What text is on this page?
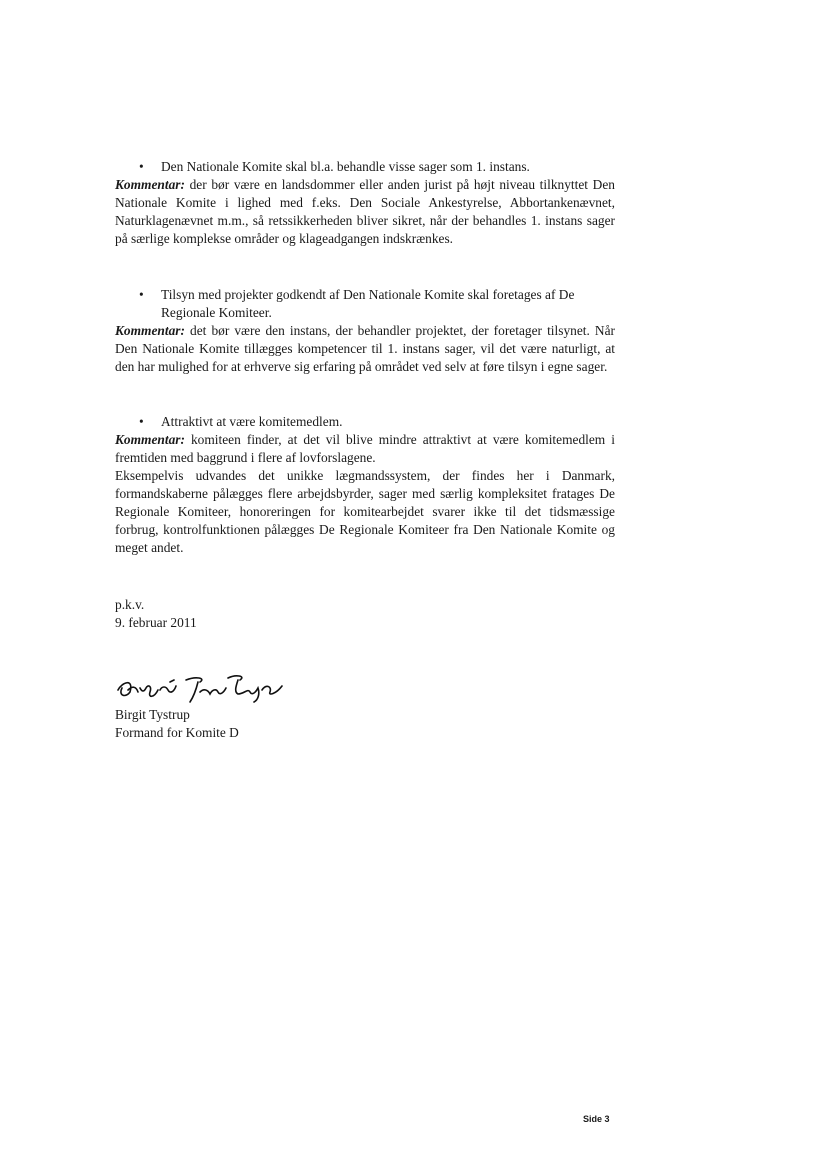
• Den Nationale Komite skal bl.a. behandle visse sager som 1. instans.
Kommentar: der bør være en landsdommer eller anden jurist på højt niveau tilknyttet Den Nationale Komite i lighed med f.eks. Den Sociale Ankestyrelse, Abbortankenævnet, Naturklagenævnet m.m., så retssikkerheden bliver sikret, når der behandles 1. instans sager på særlige komplekse områder og klageadgangen indskrænkes.
• Tilsyn med projekter godkendt af Den Nationale Komite skal foretages af De Regionale Komiteer.
Kommentar: det bør være den instans, der behandler projektet, der foretager tilsynet. Når Den Nationale Komite tillægges kompetencer til 1. instans sager, vil det være naturligt, at den har mulighed for at erhverve sig erfaring på området ved selv at føre tilsyn i egne sager.
• Attraktivt at være komitemedlem.
Kommentar: komiteen finder, at det vil blive mindre attraktivt at være komitemedlem i fremtiden med baggrund i flere af lovforslagene.
Eksempelvis udvandes det unikke lægmandssystem, der findes her i Danmark, formandskaberne pålægges flere arbejdsbyrder, sager med særlig kompleksitet fratages De Regionale Komiteer, honoreringen for komitearbejdet svarer ikke til det tidsmæssige forbrug, kontrolfunktionen pålægges De Regionale Komiteer fra Den Nationale Komite og meget andet.
p.k.v.
9. februar 2011
Birgit Tystrup
Formand for Komite D
Side 3
